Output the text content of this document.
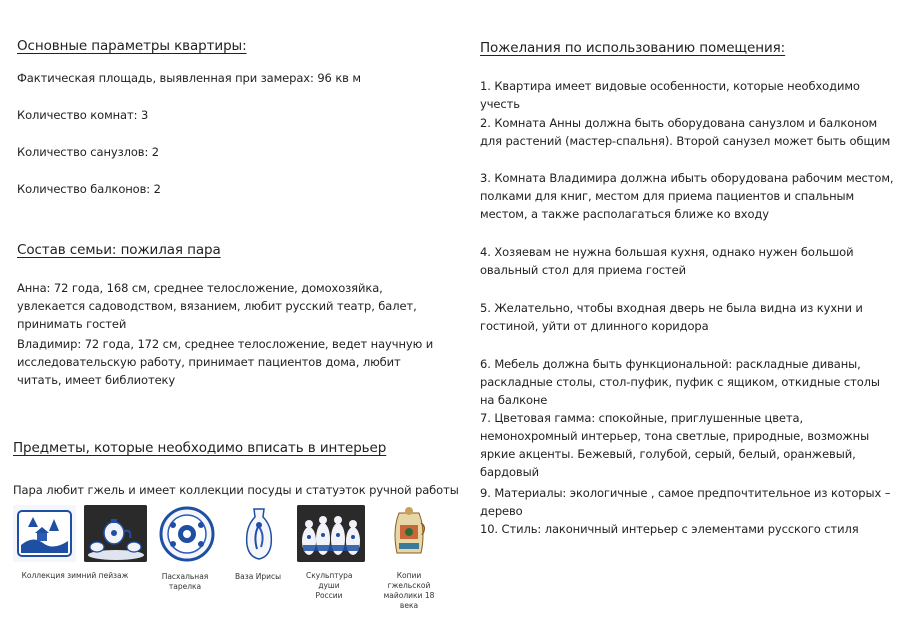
Основные параметры квартиры:
Фактическая площадь, выявленная при замерах: 96 кв м
Количество комнат: 3
Количество санузлов: 2
Количество балконов: 2
Состав семьи: пожилая пара
Анна: 72 года, 168 см, среднее телосложение, домохозяйка, увлекается садоводством, вязанием, любит русский театр, балет, принимать гостей
Владимир: 72 года, 172 см, среднее телосложение, ведет научную и исследовательскую работу, принимает пациентов дома, любит читать, имеет библиотеку
Предметы, которые необходимо вписать в интерьер
Пара любит гжель и имеет коллекции посуды и статуэток ручной работы
Коллекция зимний пейзаж	Пасхальная тарелка
Ваза Ирисы	Скульптура души России
Копии гжельской майолики 18 века
Пожелания по использованию помещения:
1. Квартира имеет видовые особенности, которые необходимо учесть
2. Комната Анны должна быть оборудована санузлом и балконом для растений (мастер-спальня). Второй санузел может быть общим
3. Комната Владимира должна ибыть оборудована рабочим местом, полками для книг, местом для приема пациентов и спальным местом, а также располагаться ближе ко входу
4. Хозяевам не нужна большая кухня, однако нужен большой овальный стол для приема гостей
5. Желательно, чтобы входная дверь не была видна из кухни и гостиной, уйти от длинного коридора
6. Мебель должна быть функциональной: раскладные диваны, раскладные столы, стол-пуфик, пуфик с ящиком, откидные столы на балконе
7. Цветовая гамма: спокойные, приглушенные цвета, немонохромный интерьер, тона светлые, природные, возможны яркие акценты. Бежевый, голубой, серый, белый, оранжевый, бардовый
9. Материалы: экологичные , самое предпочтительное из которых – дерево
10. Стиль: лаконичный интерьер с элементами русского стиля
